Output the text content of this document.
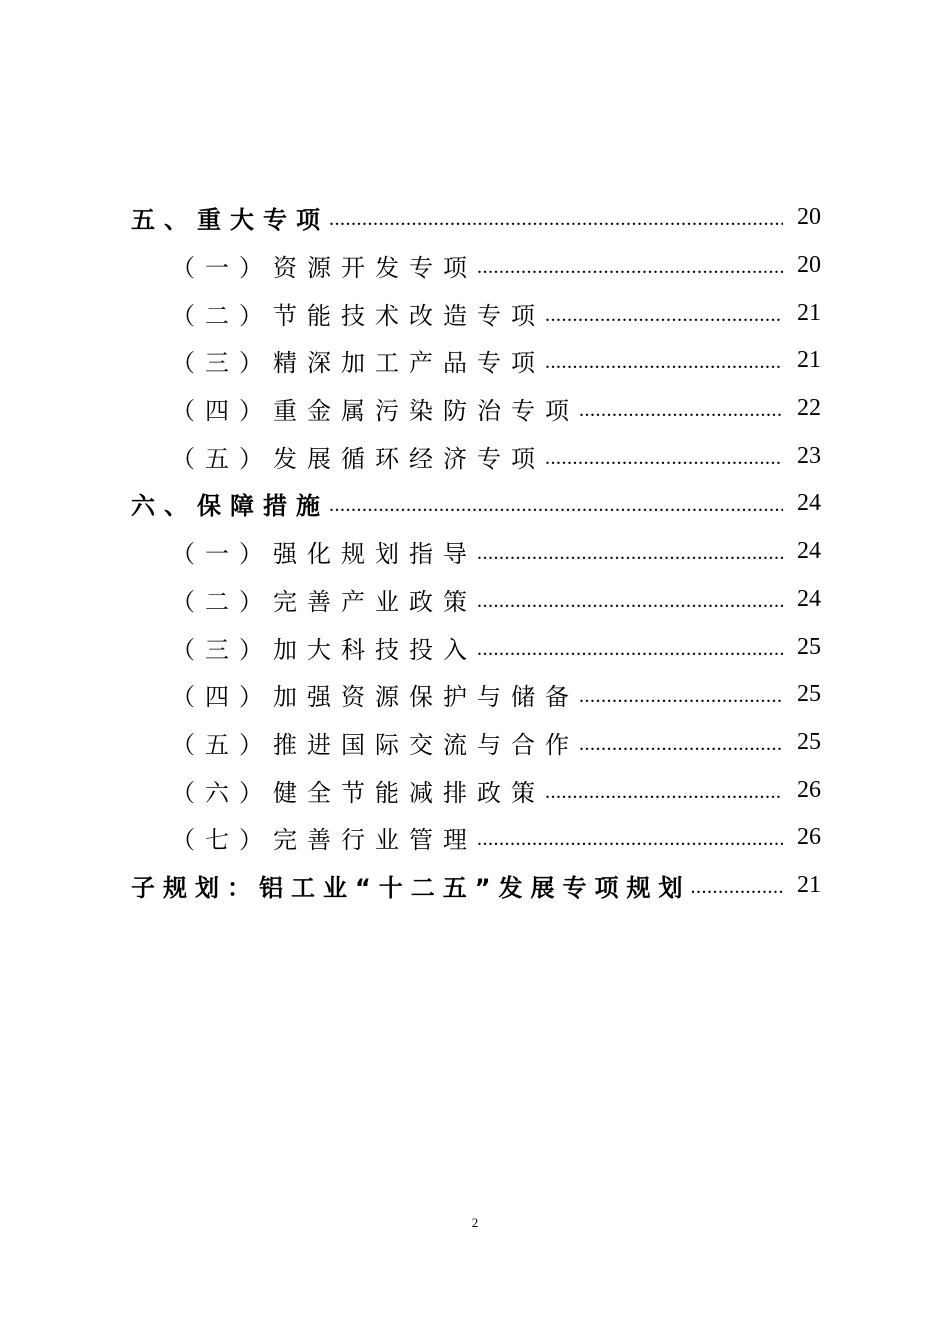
五、重大专项 .....	20
（一）资源开发专项 .....	20
（二）节能技术改造专项 .....	21
（三）精深加工产品专项 .....	21
（四）重金属污染防治专项 .....	22
（五）发展循环经济专项 .....	23
六、保障措施 .....	24
（一）强化规划指导 .....	24
（二）完善产业政策 .....	24
（三）加大科技投入 .....	25
（四）加强资源保护与储备 .....	25
（五）推进国际交流与合作 .....	25
（六）健全节能减排政策 .....	26
（七）完善行业管理 .....	26
子规划：铝工业“十二五”发展专项规划 .....	21
2
